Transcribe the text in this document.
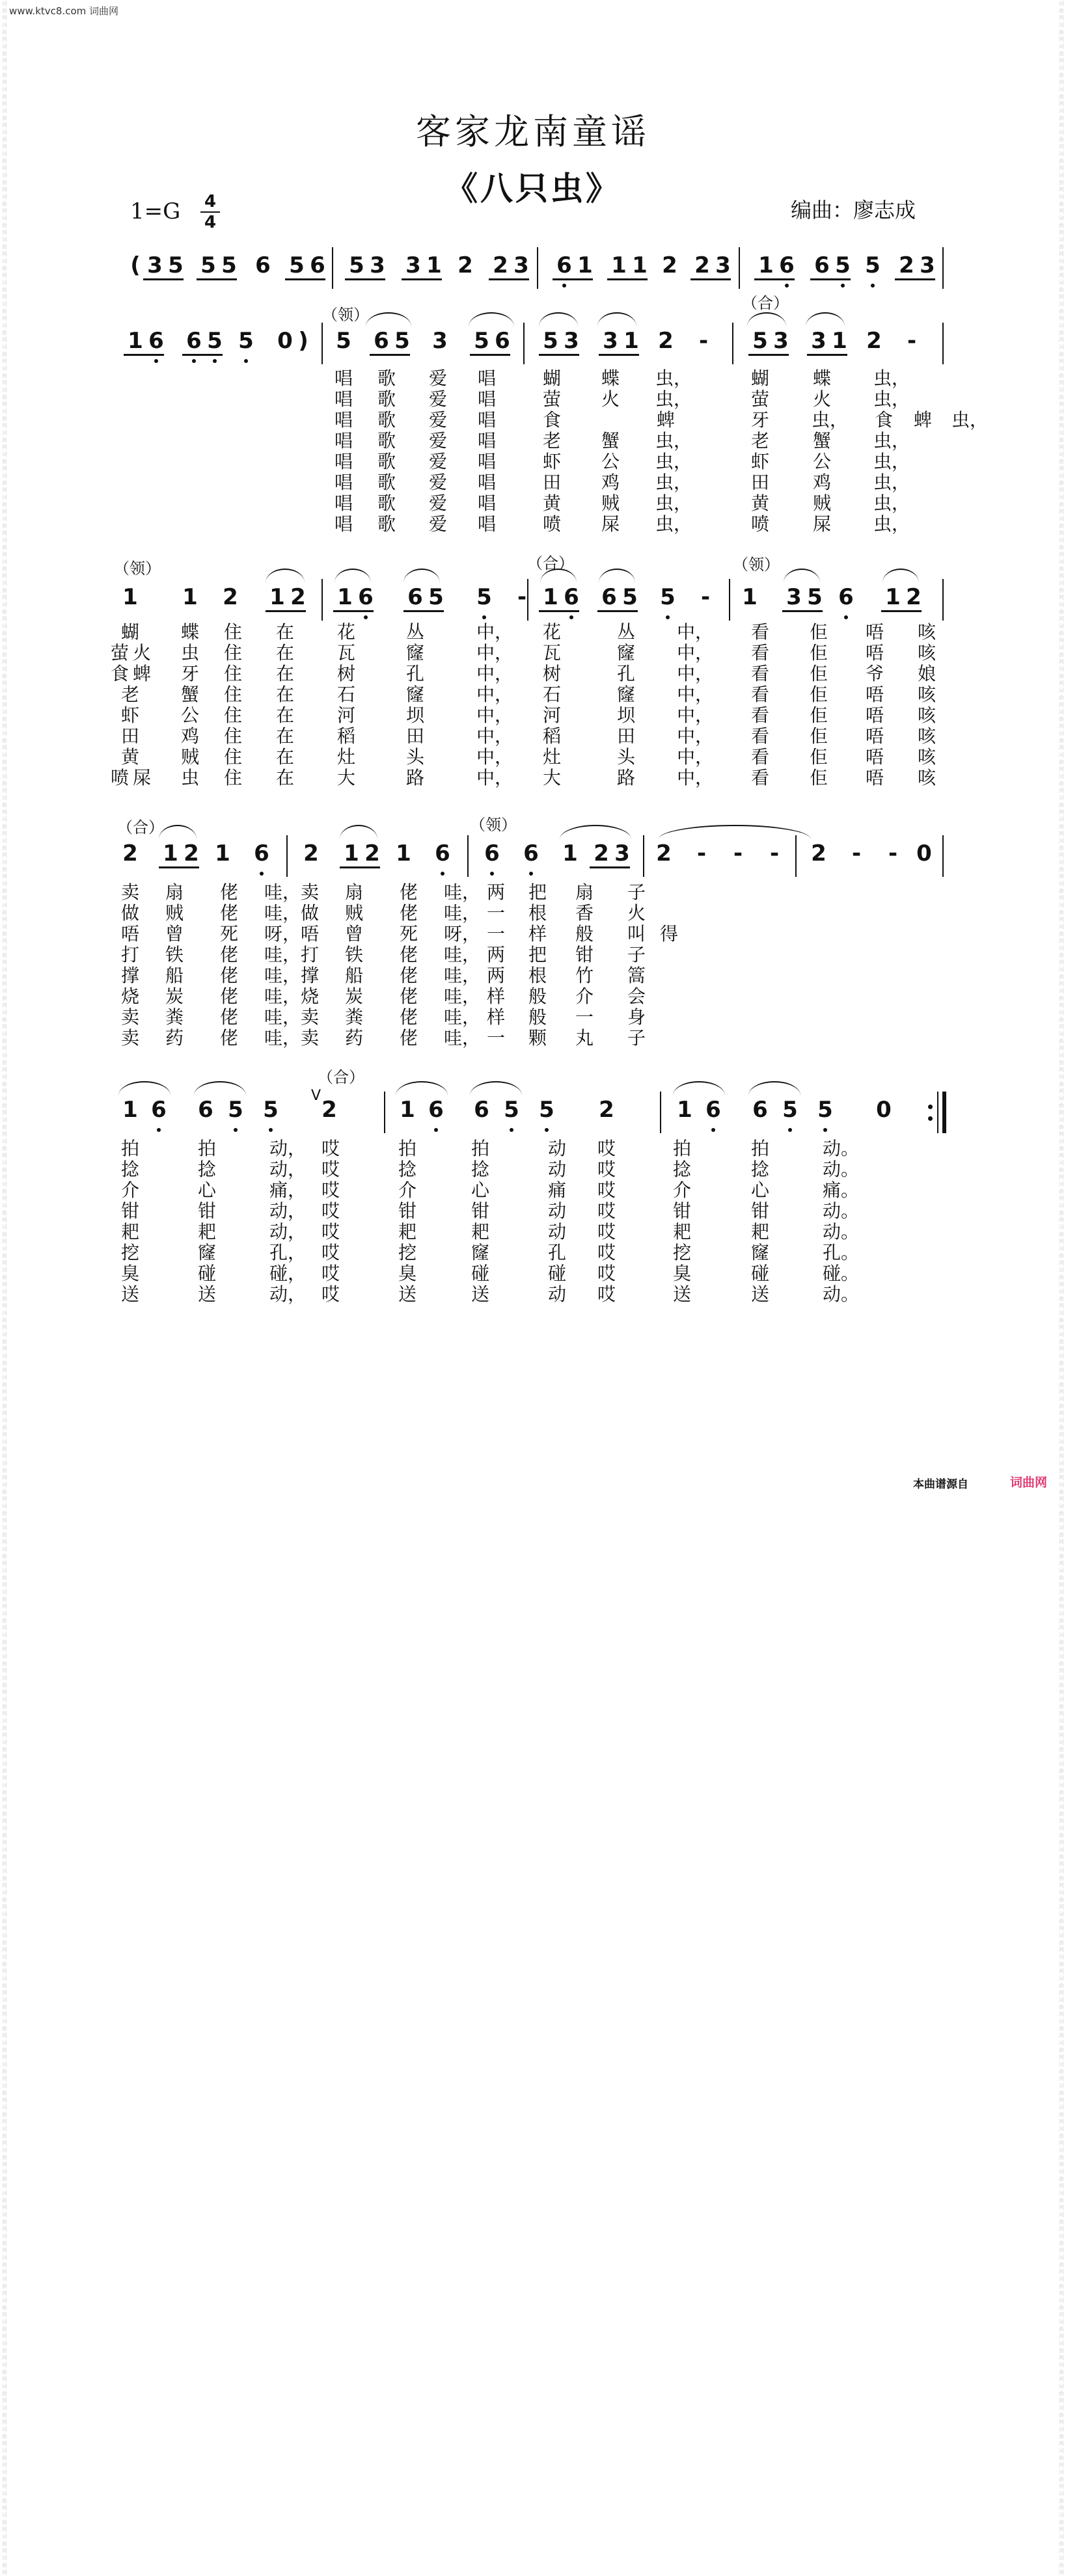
www.ktvc8.com 词曲网
词曲网
词曲网
词曲网
词曲网
词曲网
词曲网
词曲网
词曲网
词曲网
词曲网
词曲网
词曲网
词曲网
词曲网
词曲网
词曲网
词曲网
词曲网
词曲网
词曲网
词曲网
词曲网
词曲网
词曲网
词曲网
词曲网
词曲网
词曲网
词曲网
词曲网
词曲网
词曲网
词曲网
词曲网
词曲网
词曲网
词曲网
词曲网
词曲网
词曲网
词曲网
词曲网
词曲网
词曲网
词曲网
词曲网
词曲网
词曲网
词曲网
词曲网
词曲网
词曲网
词曲网
词曲网
词曲网
词曲网
词曲网
词曲网
词曲网
词曲网
词曲网
词曲网
词曲网
词曲网
词曲网
词曲网
词曲网
词曲网
词曲网
词曲网
词曲网
词曲网
词曲网
词曲网
词曲网
词曲网
词曲网
词曲网
词曲网
词曲网
词曲网
词曲网
词曲网
词曲网
词曲网
词曲网
词曲网
词曲网
词曲网
词曲网
词曲网
词曲网
词曲网
词曲网
词曲网
词曲网
词曲网
词曲网
词曲网
词曲网
词曲网
词曲网
词曲网
词曲网
词曲网
词曲网
词曲网
词曲网
词曲网
词曲网
词曲网
词曲网
词曲网
词曲网
词曲网
词曲网
词曲网
词曲网
词曲网
词曲网
词曲网
词曲网
词曲网
词曲网
词曲网
词曲网
词曲网
词曲网
词曲网
词曲网
词曲网
词曲网
词曲网
词曲网
词曲网
词曲网
词曲网
词曲网
词曲网
词曲网
词曲网
词曲网
词曲网
词曲网
词曲网
词曲网
词曲网
词曲网
词曲网
词曲网
词曲网
词曲网
词曲网
词曲网
词曲网
词曲网
词曲网
词曲网
词曲网
词曲网
词曲网
词曲网
词曲网
词曲网
词曲网
词曲网
词曲网
词曲网
词曲网
词曲网
词曲网
词曲网
词曲网
词曲网
词曲网
词曲网
词曲网
词曲网
词曲网
词曲网
词曲网
词曲网
词曲网
词曲网
词曲网
词曲网
词曲网
词曲网
词曲网
词曲网
词曲网
词曲网
词曲网
词曲网
词曲网
词曲网
词曲网
词曲网
词曲网
词曲网
词曲网
词曲网
词曲网
词曲网
词曲网
词曲网
词曲网
词曲网
词曲网
词曲网
词曲网
词曲网
词曲网
词曲网
词曲网
词曲网
词曲网
词曲网
词曲网
词曲网
词曲网
词曲网
词曲网
词曲网
词曲网
词曲网
词曲网
词曲网
词曲网
词曲网
词曲网
词曲网
词曲网
词曲网
词曲网
词曲网
词曲网
词曲网
词曲网
词曲网
客家龙南童谣
《八只虫》
1=G 4
4	编曲：廖志成
( 3 5 5 5 6 5 6 5 3 3 1 2 2 3 6 1 1 1 2 2 3 1 6 6 5 5 2 3
1 6 6 5 5 0 )	5 6 5 3 5 6 5 3 3 1 2	-	5 3 3 1 2	-
（领）
（合）
唱 歌 爱 唱	蝴 蝶 虫，	蝴 蝶 虫，
唱 歌 爱 唱	萤 火 虫，	萤 火 虫，
唱 歌 爱 唱	食	蜱	牙 虫， 食 蜱 虫，
唱 歌 爱 唱	老 蟹 虫，	老 蟹 虫，
唱 歌 爱 唱	虾 公 虫，	虾 公 虫，
唱 歌 爱 唱	田 鸡 虫，	田 鸡 虫，
唱 歌 爱 唱	黄 贼 虫，	黄 贼 虫，
唱 歌 爱 唱	喷 屎 虫，	喷 屎 虫，
1 1 2 1 2 1 6 6 5 5	- 1 6 6 5 5	-	1 3 5 6 1 2
（领）	（合）	（领）
蝴 蝶 住 在 花	丛	中， 花	丛 中， 看 佢 唔 咳
萤 火 虫 住 在 瓦	窿	中， 瓦	窿 中， 看 佢 唔 咳
食 蜱 牙 住 在 树	孔	中， 树	孔 中， 看 佢 爷 娘
老 蟹 住 在 石	窿	中， 石	窿 中， 看 佢 唔 咳
虾 公 住 在 河	坝	中， 河	坝 中， 看 佢 唔 咳
田 鸡 住 在 稻	田	中， 稻	田 中， 看 佢 唔 咳
黄 贼 住 在 灶	头	中， 灶	头 中， 看 佢 唔 咳
喷 屎 虫 住 在 大	路	中， 大	路 中， 看 佢 唔 咳
2 1 2 1 6 2 1 2 1 6 6 6 1 2 3 2	-	-	-	2	-	- 0
（合）	（领）
卖 扇 佬 哇， 卖 扇 佬 哇， 两 把 扇 子
做 贼 佬 哇， 做 贼 佬 哇， 一 根 香 火
唔 曾 死 呀， 唔 曾 死 呀， 一 样 般 叫 得
打 铁 佬 哇， 打 铁 佬 哇， 两 把 钳 子
撑 船 佬 哇， 撑 船 佬 哇， 两 根 竹 篙
烧 炭 佬 哇， 烧 炭 佬 哇， 样 般 介 会
卖 粪 佬 哇， 卖 粪 佬 哇， 样 般 一 身
卖 药 佬 哇， 卖 药 佬 哇， 一 颗 丸 子
1 6 6 5 5 2	1 6 6 5 5 2	1 6 6 5 5 0
（合）
V
拍	拍	动， 哎	拍	拍	动 哎	拍	拍	动。
捻	捻	动， 哎	捻	捻	动 哎	捻	捻	动。
介	心	痛， 哎	介	心	痛 哎	介	心	痛。
钳	钳	动， 哎	钳	钳	动 哎	钳	钳	动。
耙	耙	动， 哎	耙	耙	动 哎	耙	耙	动。
挖	窿	孔， 哎	挖	窿	孔 哎	挖	窿	孔。
臭	碰	碰， 哎	臭	碰	碰 哎	臭	碰	碰。
送	送	动， 哎	送	送	动 哎	送	送	动。
本曲谱源自	词曲网
